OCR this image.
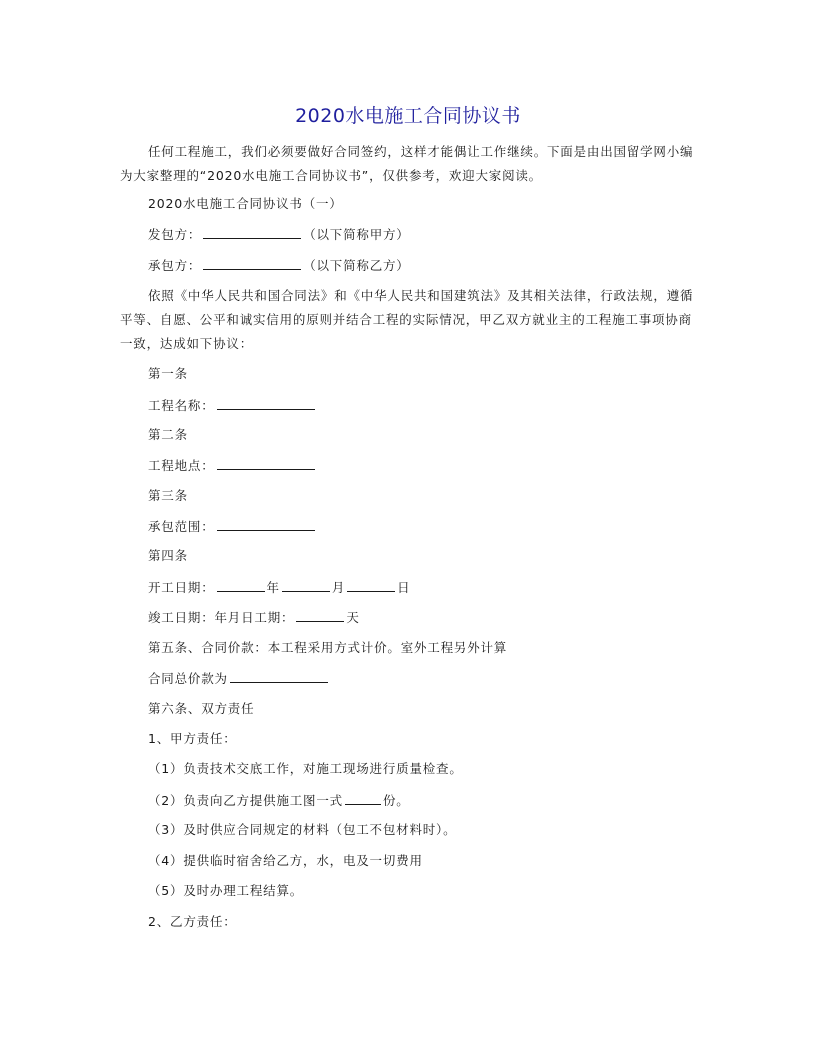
2020水电施工合同协议书
任何工程施工，我们必须要做好合同签约，这样才能偶让工作继续。下面是由出国留学网小编为大家整理的“2020水电施工合同协议书”，仅供参考，欢迎大家阅读。
2020水电施工合同协议书（一）
发包方：	（以下简称甲方）
承包方：	（以下简称乙方）
依照《中华人民共和国合同法》和《中华人民共和国建筑法》及其相关法律，行政法规，遵循平等、自愿、公平和诚实信用的原则并结合工程的实际情况，甲乙双方就业主的工程施工事项协商一致，达成如下协议：
第一条
工程名称：
第二条
工程地点：
第三条
承包范围：
第四条
开工日期：	年	月	日
竣工日期：年月日工期：	天
第五条、合同价款：本工程采用方式计价。室外工程另外计算
合同总价款为
第六条、双方责任
1、甲方责任：
（1）负责技术交底工作，对施工现场进行质量检查。
（2）负责向乙方提供施工图一式	份。
（3）及时供应合同规定的材料（包工不包材料时）。
（4）提供临时宿舍给乙方，水，电及一切费用
（5）及时办理工程结算。
2、乙方责任：
